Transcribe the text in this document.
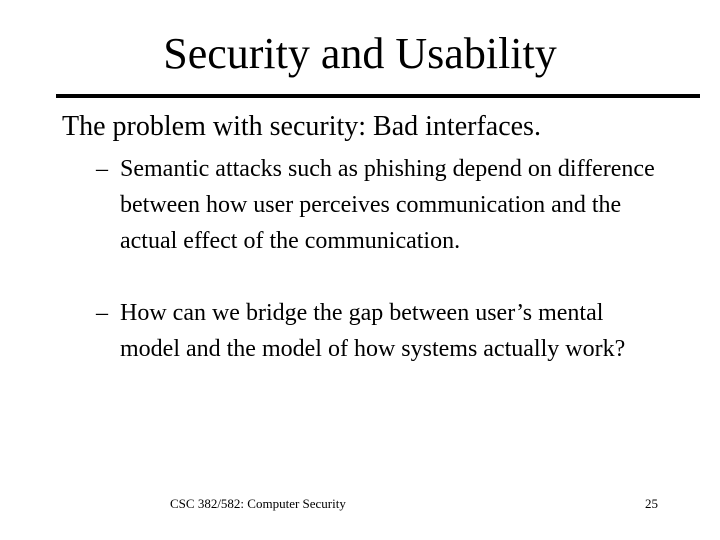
Security and Usability

The problem with security: Bad interfaces.

– Semantic attacks such as phishing depend on difference between how user perceives communication and the actual effect of the communication.

– How can we bridge the gap between user’s mental model and the model of how systems actually work?

CSC 382/582: Computer Security	25
